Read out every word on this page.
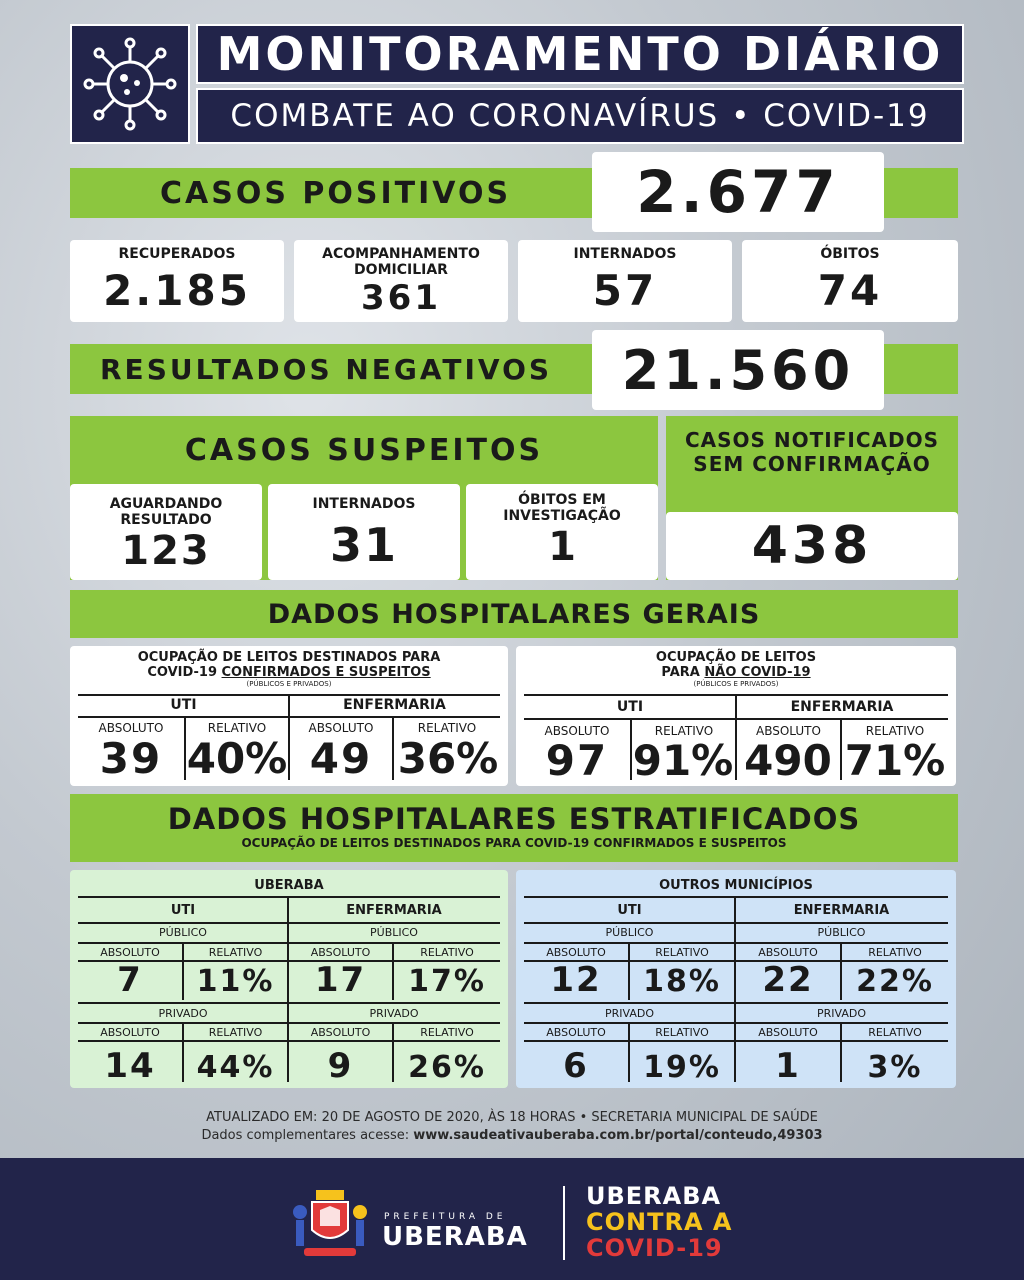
MONITORAMENTO DIÁRIO
COMBATE AO CORONAVÍRUS • COVID-19
CASOS POSITIVOS	2.677
RECUPERADOS
2.185
ACOMPANHAMENTO DOMICILIAR
361
INTERNADOS
57
ÓBITOS
74
RESULTADOS NEGATIVOS	21.560
CASOS SUSPEITOS
AGUARDANDO RESULTADO
123
INTERNADOS
31
ÓBITOS EM INVESTIGAÇÃO
1
CASOS NOTIFICADOS SEM CONFIRMAÇÃO
438
DADOS HOSPITALARES GERAIS
OCUPAÇÃO DE LEITOS DESTINADOS PARA
COVID-19 CONFIRMADOS E SUSPEITOS
(PÚBLICOS E PRIVADOS)
UTI	ENFERMARIA
ABSOLUTO	RELATIVO	ABSOLUTO	RELATIVO
39 40% 49 36%
OCUPAÇÃO DE LEITOS
PARA NÃO COVID-19
(PÚBLICOS E PRIVADOS)
UTI	ENFERMARIA
ABSOLUTO	RELATIVO	ABSOLUTO	RELATIVO
97 91% 490 71%
DADOS HOSPITALARES ESTRATIFICADOS
OCUPAÇÃO DE LEITOS DESTINADOS PARA COVID-19 CONFIRMADOS E SUSPEITOS
UBERABA
UTI	ENFERMARIA
PÚBLICO	PÚBLICO
ABSOLUTO	RELATIVO	ABSOLUTO	RELATIVO
7	11%	17	17%
PRIVADO	PRIVADO
ABSOLUTO	RELATIVO	ABSOLUTO	RELATIVO
14	44%	9	26%
OUTROS MUNICÍPIOS
UTI	ENFERMARIA
PÚBLICO	PÚBLICO
ABSOLUTO	RELATIVO	ABSOLUTO	RELATIVO
12	18%	22	22%
PRIVADO	PRIVADO
ABSOLUTO	RELATIVO	ABSOLUTO	RELATIVO
6	19%	1	3%
ATUALIZADO EM: 20 DE AGOSTO DE 2020, ÀS 18 HORAS • SECRETARIA MUNICIPAL DE SAÚDE
Dados complementares acesse: www.saudeativauberaba.com.br/portal/conteudo,49303
PREFEITURA DE
UBERABA
UBERABA
CONTRA A
COVID-19
